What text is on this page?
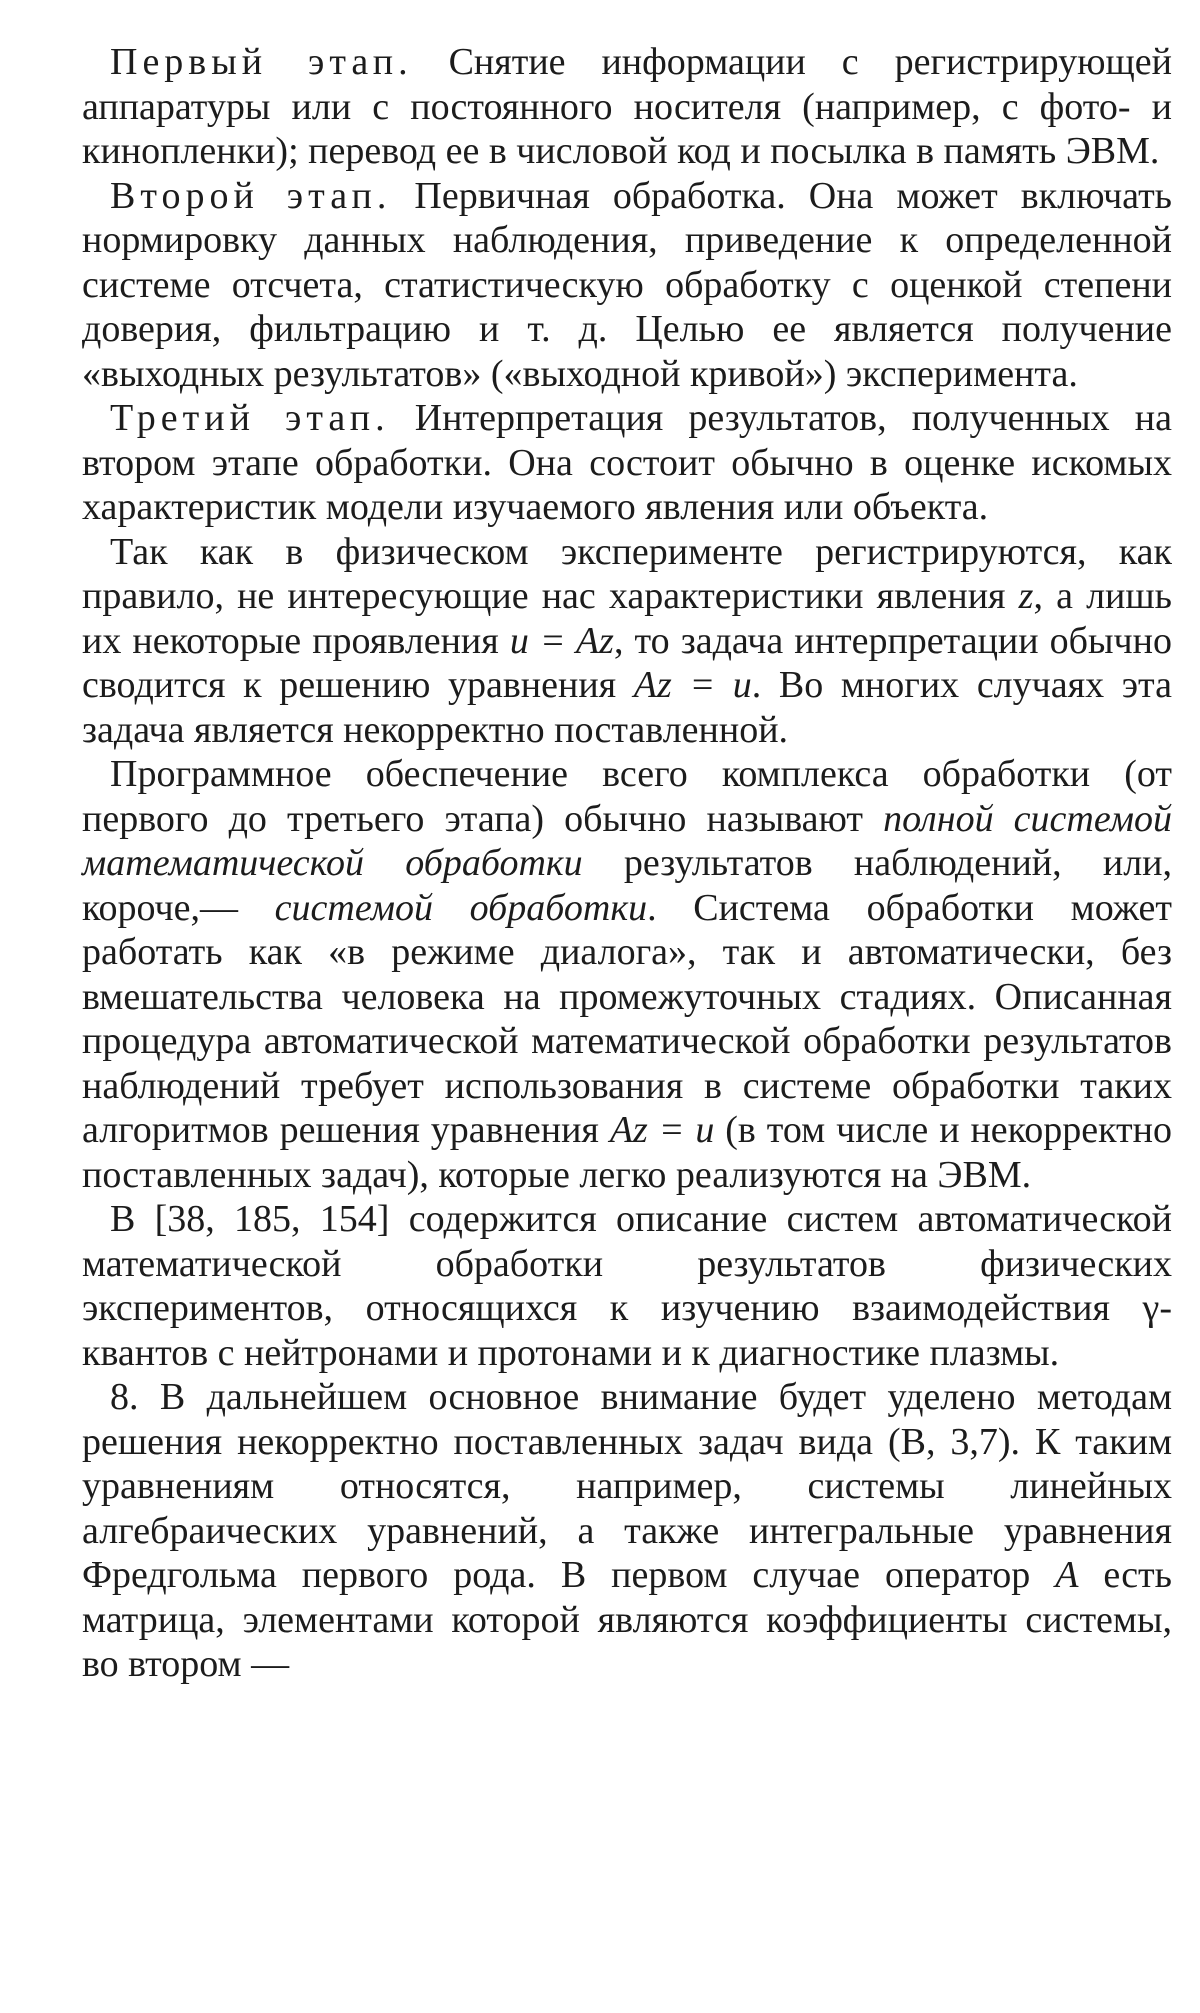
Первый этап. Снятие информации с регистрирующей аппаратуры или с постоянного носителя (например, с фото- и кинопленки); перевод ее в числовой код и посылка в память ЭВМ.

Второй этап. Первичная обработка. Она может включать нормировку данных наблюдения, приведение к определенной системе отсчета, статистическую обработку с оценкой степени доверия, фильтрацию и т. д. Целью ее является получение «выходных результатов» («выходной кривой») эксперимента.

Третий этап. Интерпретация результатов, полученных на втором этапе обработки. Она состоит обычно в оценке искомых характеристик модели изучаемого явления или объекта.

Так как в физическом эксперименте регистрируются, как правило, не интересующие нас характеристики явления z, а лишь их некоторые проявления u = Az, то задача интерпретации обычно сводится к решению уравнения Az = u. Во многих случаях эта задача является некорректно поставленной.

Программное обеспечение всего комплекса обработки (от первого до третьего этапа) обычно называют полной системой математической обработки результатов наблюдений, или, короче,— системой обработки. Система обработки может работать как «в режиме диалога», так и автоматически, без вмешательства человека на промежуточных стадиях. Описанная процедура автоматической математической обработки результатов наблюдений требует использования в системе обработки таких алгоритмов решения уравнения Az = u (в том числе и некорректно поставленных задач), которые легко реализуются на ЭВМ.

В [38, 185, 154] содержится описание систем автоматической математической обработки результатов физических экспериментов, относящихся к изучению взаимодействия γ-квантов с нейтронами и протонами и к диагностике плазмы.

8. В дальнейшем основное внимание будет уделено методам решения некорректно поставленных задач вида (В, 3,7). К таким уравнениям относятся, например, системы линейных алгебраических уравнений, а также интегральные уравнения Фредгольма первого рода. В первом случае оператор A есть матрица, элементами которой являются коэффициенты системы, во втором —
